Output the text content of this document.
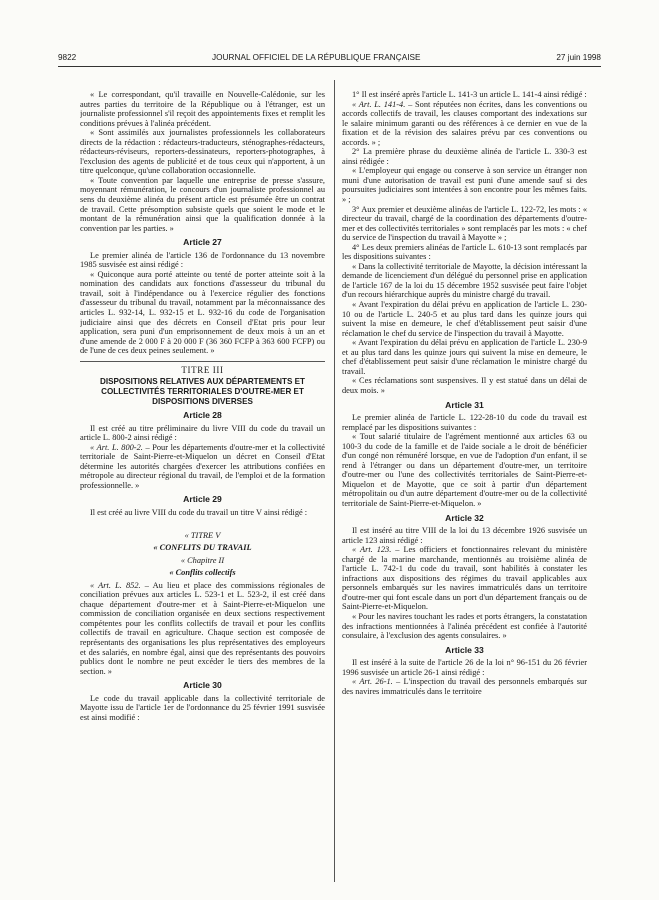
9822	JOURNAL OFFICIEL DE LA RÉPUBLIQUE FRANÇAISE	27 juin 1998

« Le correspondant, qu'il travaille en Nouvelle-Calédonie, sur les autres parties du territoire de la République ou à l'étranger, est un journaliste professionnel s'il reçoit des appointements fixes et remplit les conditions prévues à l'alinéa précédent.

« Sont assimilés aux journalistes professionnels les collaborateurs directs de la rédaction : rédacteurs-traducteurs, sténographes-rédacteurs, rédacteurs-réviseurs, reporters-dessinateurs, reporters-photographes, à l'exclusion des agents de publicité et de tous ceux qui n'apportent, à un titre quelconque, qu'une collaboration occasionnelle.

« Toute convention par laquelle une entreprise de presse s'assure, moyennant rémunération, le concours d'un journaliste professionnel au sens du deuxième alinéa du présent article est présumée être un contrat de travail. Cette présomption subsiste quels que soient le mode et le montant de la rémunération ainsi que la qualification donnée à la convention par les parties. »

Article 27

Le premier alinéa de l'article 136 de l'ordonnance du 13 novembre 1985 susvisée est ainsi rédigé :

« Quiconque aura porté atteinte ou tenté de porter atteinte soit à la nomination des candidats aux fonctions d'assesseur du tribunal du travail, soit à l'indépendance ou à l'exercice régulier des fonctions d'assesseur du tribunal du travail, notamment par la méconnaissance des articles L. 932-14, L. 932-15 et L. 932-16 du code de l'organisation judiciaire ainsi que des décrets en Conseil d'Etat pris pour leur application, sera puni d'un emprisonnement de deux mois à un an et d'une amende de 2 000 F à 20 000 F (36 360 FCFP à 363 600 FCFP) ou de l'une de ces deux peines seulement. »

TITRE III
DISPOSITIONS RELATIVES AUX DÉPARTEMENTS ET COLLECTIVITÉS TERRITORIALES D'OUTRE-MER ET DISPOSITIONS DIVERSES
Article 28

Il est créé au titre préliminaire du livre VIII du code du travail un article L. 800-2 ainsi rédigé :

« Art. L. 800-2. – Pour les départements d'outre-mer et la collectivité territoriale de Saint-Pierre-et-Miquelon un décret en Conseil d'Etat détermine les autorités chargées d'exercer les attributions confiées en métropole au directeur régional du travail, de l'emploi et de la formation professionnelle. »

Article 29

Il est créé au livre VIII du code du travail un titre V ainsi rédigé :

« TITRE V

« CONFLITS DU TRAVAIL

« Chapitre II

« Conflits collectifs

« Art. L. 852. – Au lieu et place des commissions régionales de conciliation prévues aux articles L. 523-1 et L. 523-2, il est créé dans chaque département d'outre-mer et à Saint-Pierre-et-Miquelon une commission de conciliation organisée en deux sections respectivement compétentes pour les conflits collectifs de travail et pour les conflits collectifs de travail en agriculture. Chaque section est composée de représentants des organisations les plus représentatives des employeurs et des salariés, en nombre égal, ainsi que des représentants des pouvoirs publics dont le nombre ne peut excéder le tiers des membres de la section. »

Article 30

Le code du travail applicable dans la collectivité territoriale de Mayotte issu de l'article 1er de l'ordonnance du 25 février 1991 susvisée est ainsi modifié :

1° Il est inséré après l'article L. 141-3 un article L. 141-4 ainsi rédigé :

« Art. L. 141-4. – Sont réputées non écrites, dans les conventions ou accords collectifs de travail, les clauses comportant des indexations sur le salaire minimum garanti ou des références à ce dernier en vue de la fixation et de la révision des salaires prévu par ces conventions ou accords. » ;

2° La première phrase du deuxième alinéa de l'article L. 330-3 est ainsi rédigée :

« L'employeur qui engage ou conserve à son service un étranger non muni d'une autorisation de travail est puni d'une amende sauf si des poursuites judiciaires sont intentées à son encontre pour les mêmes faits. » ;

3° Aux premier et deuxième alinéas de l'article L. 122-72, les mots : « directeur du travail, chargé de la coordination des départements d'outre-mer et des collectivités territoriales » sont remplacés par les mots : « chef du service de l'inspection du travail à Mayotte » ;

4° Les deux premiers alinéas de l'article L. 610-13 sont remplacés par les dispositions suivantes :

« Dans la collectivité territoriale de Mayotte, la décision intéressant la demande de licenciement d'un délégué du personnel prise en application de l'article 167 de la loi du 15 décembre 1952 susvisée peut faire l'objet d'un recours hiérarchique auprès du ministre chargé du travail.

« Avant l'expiration du délai prévu en application de l'article L. 230-10 ou de l'article L. 240-5 et au plus tard dans les quinze jours qui suivent la mise en demeure, le chef d'établissement peut saisir d'une réclamation le chef du service de l'inspection du travail à Mayotte.

« Avant l'expiration du délai prévu en application de l'article L. 230-9 et au plus tard dans les quinze jours qui suivent la mise en demeure, le chef d'établissement peut saisir d'une réclamation le ministre chargé du travail.

« Ces réclamations sont suspensives. Il y est statué dans un délai de deux mois. »

Article 31

Le premier alinéa de l'article L. 122-28-10 du code du travail est remplacé par les dispositions suivantes :

« Tout salarié titulaire de l'agrément mentionné aux articles 63 ou 100-3 du code de la famille et de l'aide sociale a le droit de bénéficier d'un congé non rémunéré lorsque, en vue de l'adoption d'un enfant, il se rend à l'étranger ou dans un département d'outre-mer, un territoire d'outre-mer ou l'une des collectivités territoriales de Saint-Pierre-et-Miquelon et de Mayotte, que ce soit à partir d'un département métropolitain ou d'un autre département d'outre-mer ou de la collectivité territoriale de Saint-Pierre-et-Miquelon. »

Article 32

Il est inséré au titre VIII de la loi du 13 décembre 1926 susvisée un article 123 ainsi rédigé :

« Art. 123. – Les officiers et fonctionnaires relevant du ministère chargé de la marine marchande, mentionnés au troisième alinéa de l'article L. 742-1 du code du travail, sont habilités à constater les infractions aux dispositions des régimes du travail applicables aux personnels embarqués sur les navires immatriculés dans un territoire d'outre-mer qui font escale dans un port d'un département français ou de Saint-Pierre-et-Miquelon.

« Pour les navires touchant les rades et ports étrangers, la constatation des infractions mentionnées à l'alinéa précédent est confiée à l'autorité consulaire, à l'exclusion des agents consulaires. »

Article 33

Il est inséré à la suite de l'article 26 de la loi n° 96-151 du 26 février 1996 susvisée un article 26-1 ainsi rédigé :

« Art. 26-1. – L'inspection du travail des personnels embarqués sur des navires immatriculés dans le territoire
